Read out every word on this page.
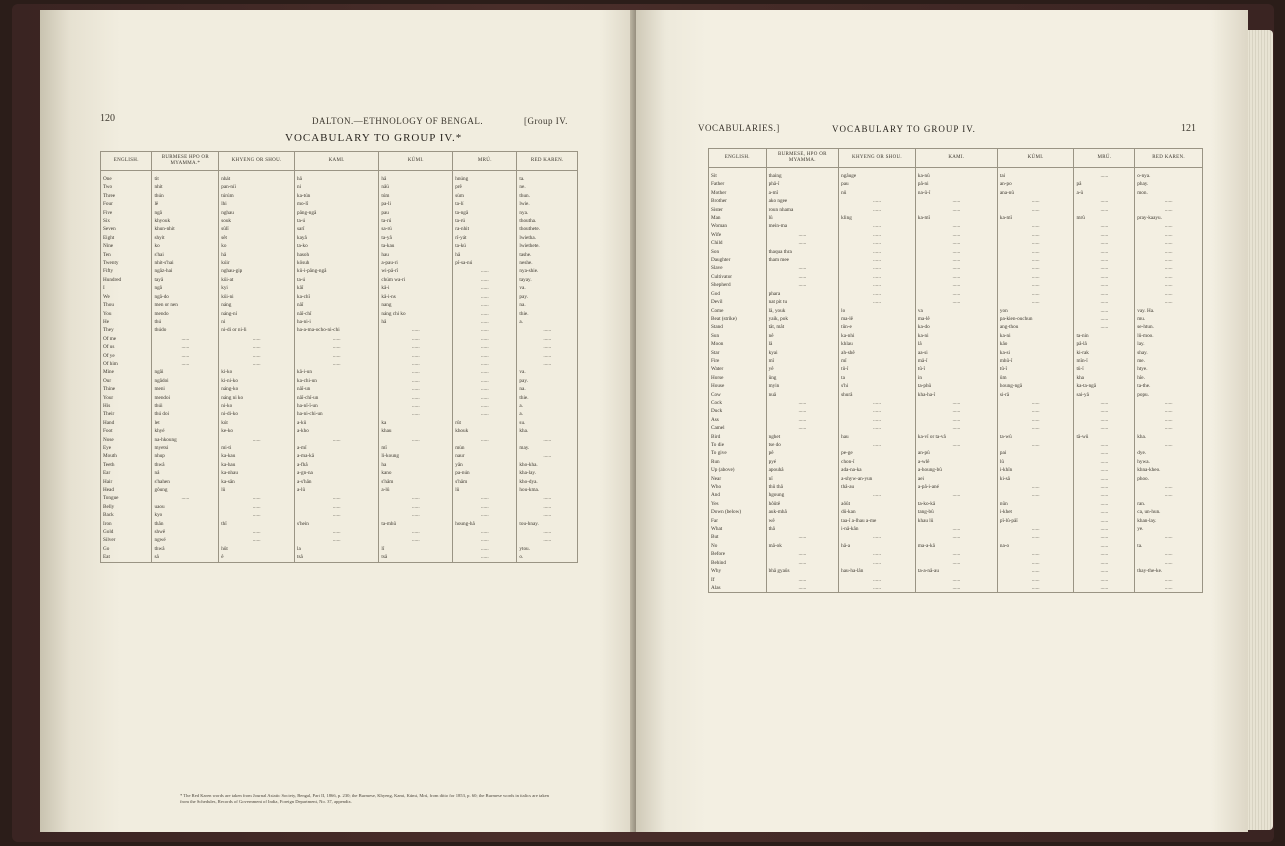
120	DALTON.—ETHNOLOGY OF BENGAL.	[Group IV.
VOCABULARY TO GROUP IV.*
ENGLISH.	BURMESE HPO OR MYAMMA.*	KHYENG OR SHOU.	KAMI.	KÚMI.	MRÚ.	RED KAREN.
One	tit	nhát	hâ	hâ	hnúng	ta.
Two	nhit	pan-níi	ni	nâü	prê	ne.
Three	thún	túrúm	ka-tún	túm	sùm	thun.
Four	lê	lhi	mo-lî	pa-li	ta-lí	lwie.
Five	ngâ	nghau	pâng-ngâ	pau	ta-ngâ	nya.
Six	khyouk	souk	ta-ú	ta-rú	ta-rú	thoutha.
Seven	khun-nhit	sûlî	sarî	sa-rú	ra-nhit	thouthete.
Eight	shyit	sêt	kayâ	ta-yâ	rî-yát	lwietha.
Nine	ko	ko	ta-ko	ta-kau	ta-kú	lwiethete.
Ten	s'hai	hâ	hasoh	hau	hâ	tashe.
Twenty	nhit-s'hai	kúir	kôsuh	a-pau-ri	pî-sa-nú	neshe.
Fifty	ngâz-hai	nghau-gip	kû-i-pâng-ngâ	wi-pâ-rî	......	nya-shie.
Hundred	tayâ	kûi-at	ta-ú	chúm wa-ri	......	tayay.
I	ngâ	kyi	kâî	kâ-i	......	va.
We	ngâ-do	kûi-ni	ka-chî	kâ-i-ns	......	pay.
Thou	men or nen	náng	nâî	nang	......	na.
You	mendo	náng-ní	nâî-chî	náng chi ko	......	thie.
He	thú	ni	ha-ni-i	hâ	......	a.
They	thúdo	ni-di or ni-li	ha-a-ma-ocho-ni-chi	......	......	......
Of me	......	......	......	......	......	......
Of us	......	......	......	......	......	......
Of ye	......	......	......	......	......	......
Of him	......	......	......	......	......	......
Mine	ngâi	ki-ko	kâ-i-un	......	......	va.
Our	ngâdoi	ki-ni-ko	ka-chi-un	......	......	pay.
Thine	meni	náng-ko	nâî-un	......	......	na.
Your	mendoi	náng ni ko	nâî-chî-un	......	......	thie.
His	thúi	ni-ko	ha-nî-î-un	......	......	a.
Their	thú doi	ni-di-ko	ha-ni-chi-un	......	......	a.
Hand	let	kút	a-kû	ka	rût	su.
Foot	khyé	ke-ko	a-kho	khau	khouk	kha.
Nose	na-hkoung	......	......	......	......	......
Eye	myetsi	mi-ti	a-mî	mî	mùn	may.
Mouth	nhup	ka-kau	a-ma-kâ	li-koung	naur	......
Teeth	thwâ	ka-hau	a-fhâ	ha	yân	kho-kha.
Ear	nâ	ka-nhau	a-gn-na	kano	pa-nún	kha-lay.
Hair	s'hahen	ka-sân	a-s'hân	s'hâm	s'hâm	kho-dya.
Head	gôung	lû	a-lû	a-lû	lû	hou-kma.
Tongue	......	......	......	......	......	......
Belly	uaou	......	......	......	......	......
Back	kyo	......	......	......	......	......
Iron	thân	thî	s'hein	ta-mhû	houng-hâ	tou-hnay.
Gold	shwê	......	......	......	......	......
Silver	ngwé	......	......	......	......	......
Go	thwâ	hût	la	lî	......	ytou.
Eat	sâ	ê	tsâ	tsâ	......	o.
* The Red Karen words are taken from Journal Asiatic Society, Bengal, Part II, 1866, p. 230; the Burmese, Khyeng, Kami, Kúmi, Mrú, from ditto for 1853, p. 60; the Burmese words in italics are taken from the Schedules, Records of Government of India, Foreign Department, No. 37, appendix.
VOCABULARIES.]	VOCABULARY TO GROUP IV.	121
ENGLISH.	BURMESE, HPO OR MYAMMA.	KHYENG OR SHOU.	KAMI.	KÚMI.	MRÚ.	RED KAREN.
Sit	thaing	ngâuge	ka-nû	tai	......	o-nya.
Father	phâ-î	pau	pâ-ni	an-po	pâ	phay.
Mother	a-mî	nû	na-û-î	ana-nû	a-û	mon.
Brother	ako ngee	......	......	......	......	......
Sister	roun nhama	......	......	......	......	......
Man	lû	kling	ka-mî	ka-mî	mrû	pray-kaayu.
Woman	mein-ma	......	......	......	......	......
Wife	......	......	......	......	......	......
Child	......	......	......	......	......	......
Son	thaqua thra	......	......	......	......	......
Daughter	tham mee	......	......	......	......	......
Slave	......	......	......	......	......	......
Cultivator	......	......	......	......	......	......
Shepherd	......	......	......	......	......	......
God	phara	......	......	......	......	......
Devil	nat pit tu	......	......	......	......	......
Come	lâ, youk	lo	va	yon	......	vay. Ha.
Beat (strike)	yaik, pok	ma-lê	ma-lê	pa-kien-ouchun	......	mu.
Stand	tât, mât	tûn-e	ka-do	ang-thou	......	se-htun.
Sun	nê	ka-nhi	ka-ni	ka-ni	ta-nin	lû-moo.
Moon	lâ	khlau	lâ	kâo	pâ-lâ	lay.
Star	kyai	ah-shê	aa-si	ka-si	ki-rak	shay.
Fire	mî	mî	mâ-î	mhû-î	mîn-î	me.
Water	yê	tû-î	tû-î	tû-î	tû-î	htye.
Horse	ûng	ta	in	ûm	kha	hîe.
House	myin	s'hi	ta-phû	houng-ngâ	ka-ta-ngâ	ta-the.
Cow	nuâ	shurâ	kha-ha-î	si-râ	sai-yâ	popu.
Cock	......	......	......	......	......	......
Duck	......	......	......	......	......	......
Ass	......	......	......	......	......	......
Camel	......	......	......	......	......	......
Bird	nghet	hau	ka-vî or ta-vâ	ta-wû	tâ-wû	kha.
To die	tse do	......	......	......	......	......
To give	pê	pe-ge	an-pû	pai	......	dye.
Run	pyé	chon-î	a-wlê	lû	......	hywa.
Up (above)	apouhâ	ada-na-ka	a-houng-bû	i-khîn	......	khna-kheo.
Near	nî	a-shyw-an-yun	aei	ki-sâ	......	phoo.
Who	thû thâ	thâ-au	a-pâ-i-ané	......	......	......
And	hgoung	......	......	......	......	......
Yes	hôûtê	aôût	ta-ko-kâ	nûn	......	ran.
Down (below)	auk-mhâ	dû-kan	tang-bû	i-khet	......	ca, un-hun.
Far	wê	taa-î a-lhau a-me	khau lû	pî-lû-pâî	......	khan-lay.
What	thâ	i-nâ-kân	......	......	......	ye.
But	......	......	......	......	......	......
No	mâ-ok	hâ-a	ma-a-kâ	na-o	......	ta.
Before	......	......	......	......	......	......
Behind	......	......	......	......	......	......
Why	bhâ gyaûs	hau-ha-lân	ta-a-nâ-au	......	......	thay-the-ke.
If	......	......	......	......	......	......
Alas	......	......	......	......	......	......
